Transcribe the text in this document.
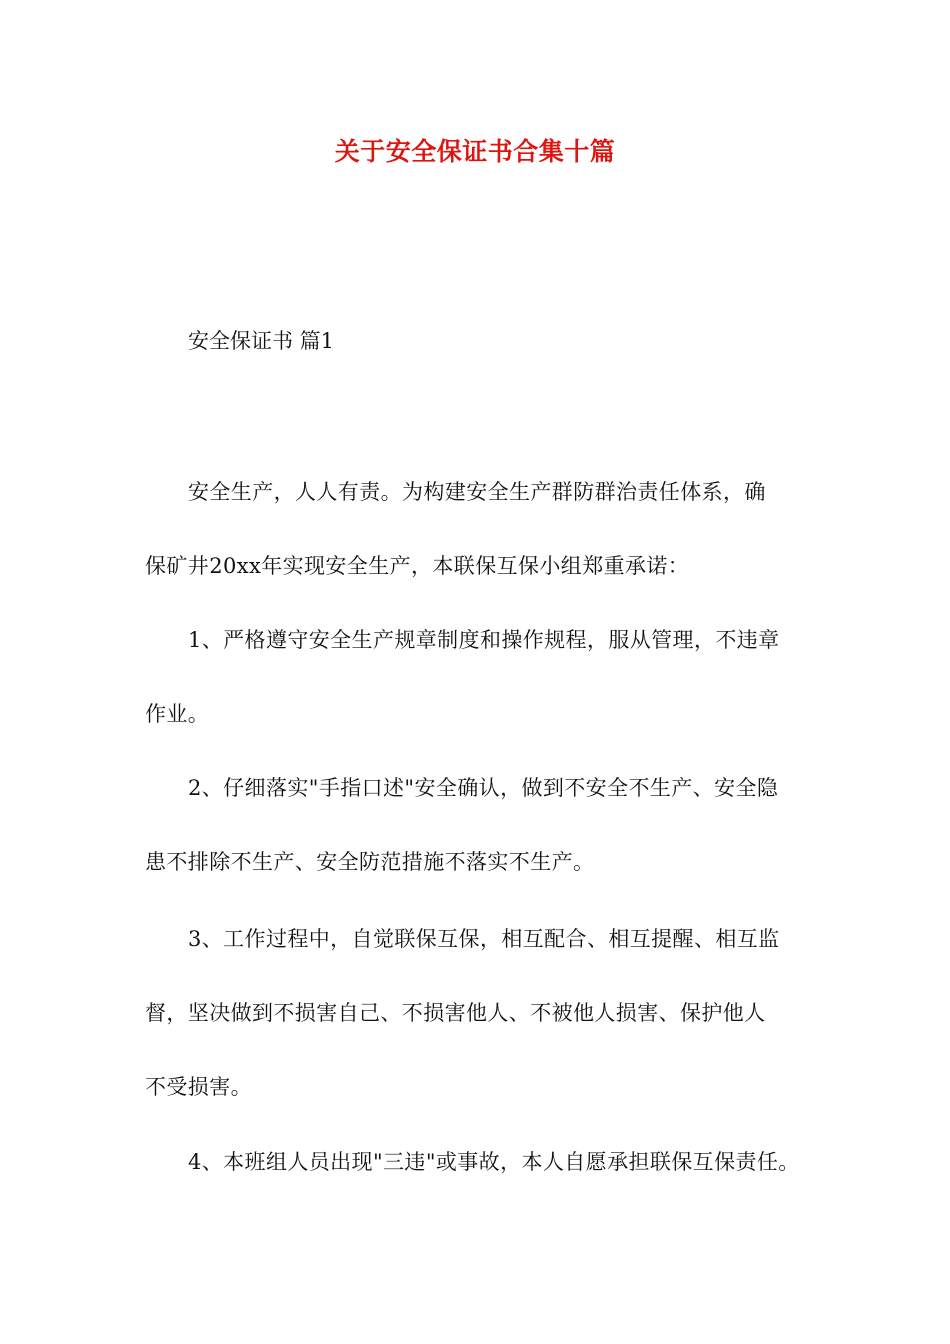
关于安全保证书合集十篇

安全保证书 篇1

安全生产，人人有责。为构建安全生产群防群治责任体系，确

保矿井20xx年实现安全生产，本联保互保小组郑重承诺：

1、严格遵守安全生产规章制度和操作规程，服从管理，不违章

作业。

2、仔细落实"手指口述"安全确认，做到不安全不生产、安全隐

患不排除不生产、安全防范措施不落实不生产。

3、工作过程中，自觉联保互保，相互配合、相互提醒、相互监

督，坚决做到不损害自己、不损害他人、不被他人损害、保护他人

不受损害。

4、本班组人员出现"三违"或事故，本人自愿承担联保互保责任。
